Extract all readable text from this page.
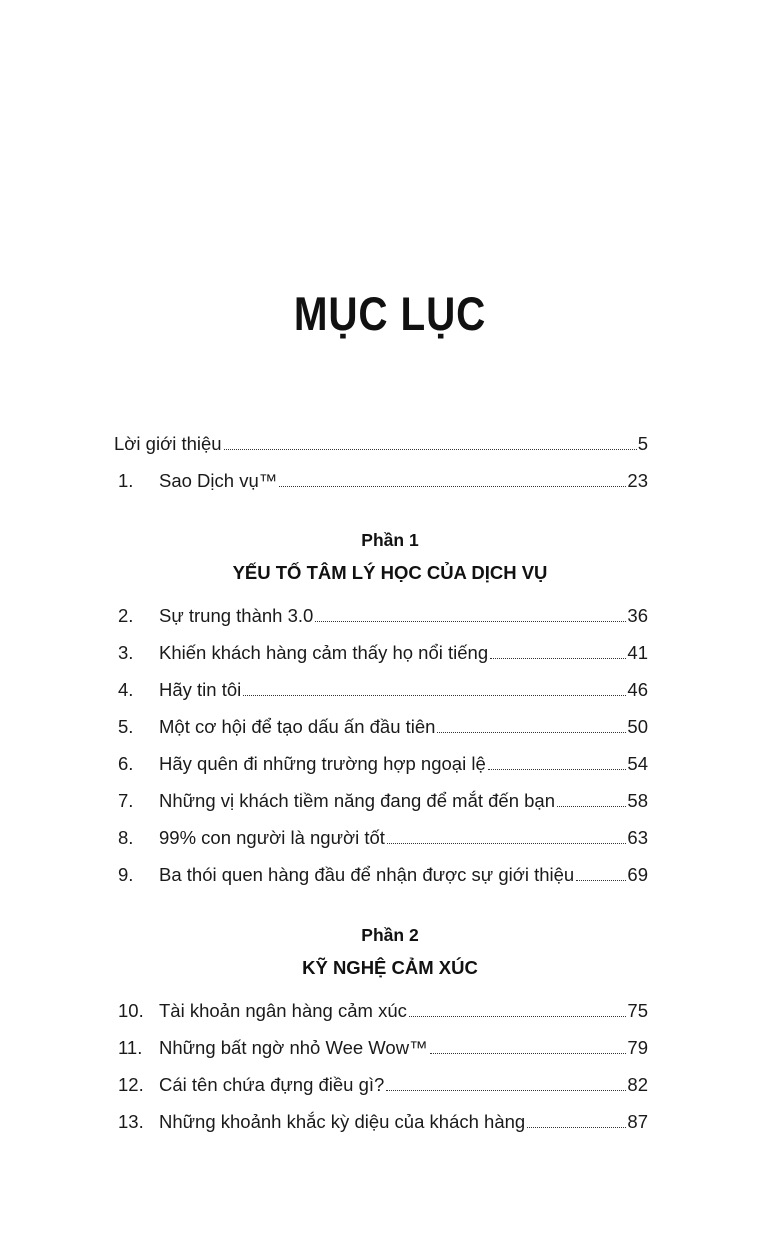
MỤC LỤC
Lời giới thiệu	5
1.	Sao Dịch vụ™	23
Phần 1
YẾU TỐ TÂM LÝ HỌC CỦA DỊCH VỤ
2.	Sự trung thành 3.0	36
3.	Khiến khách hàng cảm thấy họ nổi tiếng	41
4.	Hãy tin tôi	46
5.	Một cơ hội để tạo dấu ấn đầu tiên	50
6.	Hãy quên đi những trường hợp ngoại lệ	54
7.	Những vị khách tiềm năng đang để mắt đến bạn	58
8.	99% con người là người tốt	63
9.	Ba thói quen hàng đầu để nhận được sự giới thiệu	69
Phần 2
KỸ NGHỆ CẢM XÚC
10. Tài khoản ngân hàng cảm xúc	75
11. Những bất ngờ nhỏ Wee Wow™	79
12. Cái tên chứa đựng điều gì?	82
13. Những khoảnh khắc kỳ diệu của khách hàng	87
